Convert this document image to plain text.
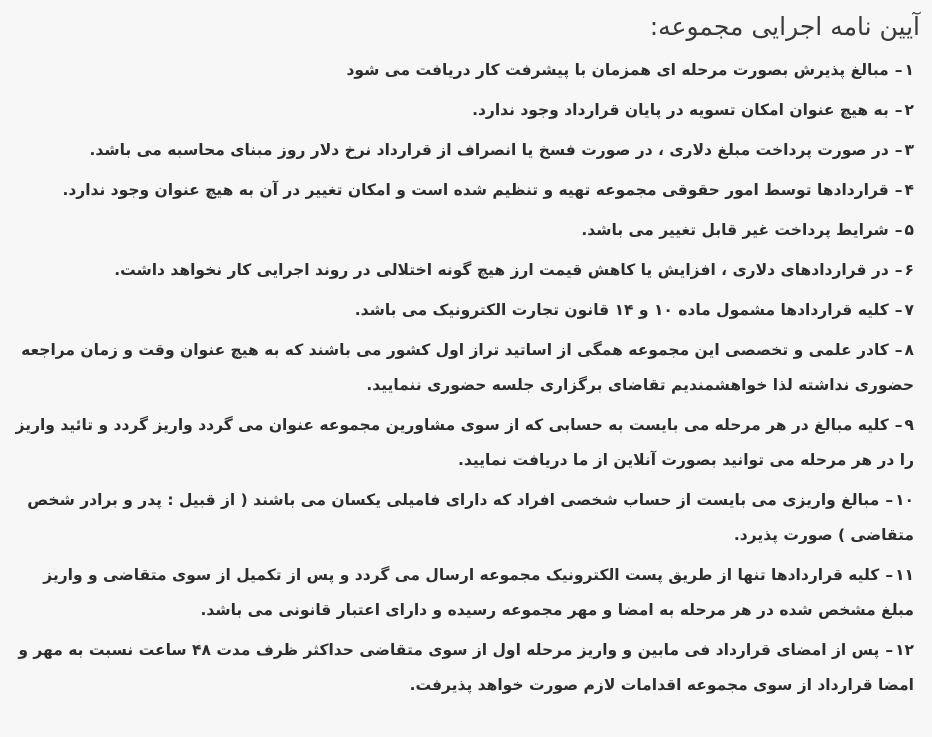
آیین نامه اجرایی مجموعه:
۱–مبالغ پذیرش بصورت مرحله ای همزمان با پیشرفت کار دریافت می شود
۲–به هیچ عنوان امکان تسویه در پایان قرارداد وجود ندارد.
۳–در صورت پرداخت مبلغ دلاری ، در صورت فسخ یا انصراف از قرارداد نرخ دلار روز مبنای محاسبه می باشد.
۴–قراردادها توسط امور حقوقی مجموعه تهیه و تنظیم شده است و امکان تغییر در آن به هیچ عنوان وجود ندارد.
۵–شرایط پرداخت غیر قابل تغییر می باشد.
۶–در قراردادهای دلاری ، افزایش یا کاهش قیمت ارز هیچ گونه اختلالی در روند اجرایی کار نخواهد داشت.
۷–کلیه قراردادها مشمول ماده ۱۰ و ۱۴ قانون تجارت الکترونیک می باشد.
۸–کادر علمی و تخصصی این مجموعه همگی از اساتید تراز اول کشور می باشند که به هیچ عنوان وقت و زمان مراجعه حضوری نداشته لذا خواهشمندیم تقاضای برگزاری جلسه حضوری ننمایید.
۹–کلیه مبالغ در هر مرحله می بایست به حسابی که از سوی مشاورین مجموعه عنوان می گردد واریز گردد و تائید واریز را در هر مرحله می توانید بصورت آنلاین از ما دریافت نمایید.
۱۰–مبالغ واریزی می بایست از حساب شخصی افراد که دارای فامیلی یکسان می باشند ( از قبیل : پدر و برادر شخص متقاضی ) صورت پذیرد.
۱۱–کلیه قراردادها تنها از طریق پست الکترونیک مجموعه ارسال می گردد و پس از تکمیل از سوی متقاضی و واریز مبلغ مشخص شده در هر مرحله به امضا و مهر مجموعه رسیده و دارای اعتبار قانونی می باشد.
۱۲–پس از امضای قرارداد فی مابین و واریز مرحله اول از سوی متقاضی حداکثر ظرف مدت ۴۸ ساعت نسبت به مهر و امضا قرارداد از سوی مجموعه اقدامات لازم صورت خواهد پذیرفت.
